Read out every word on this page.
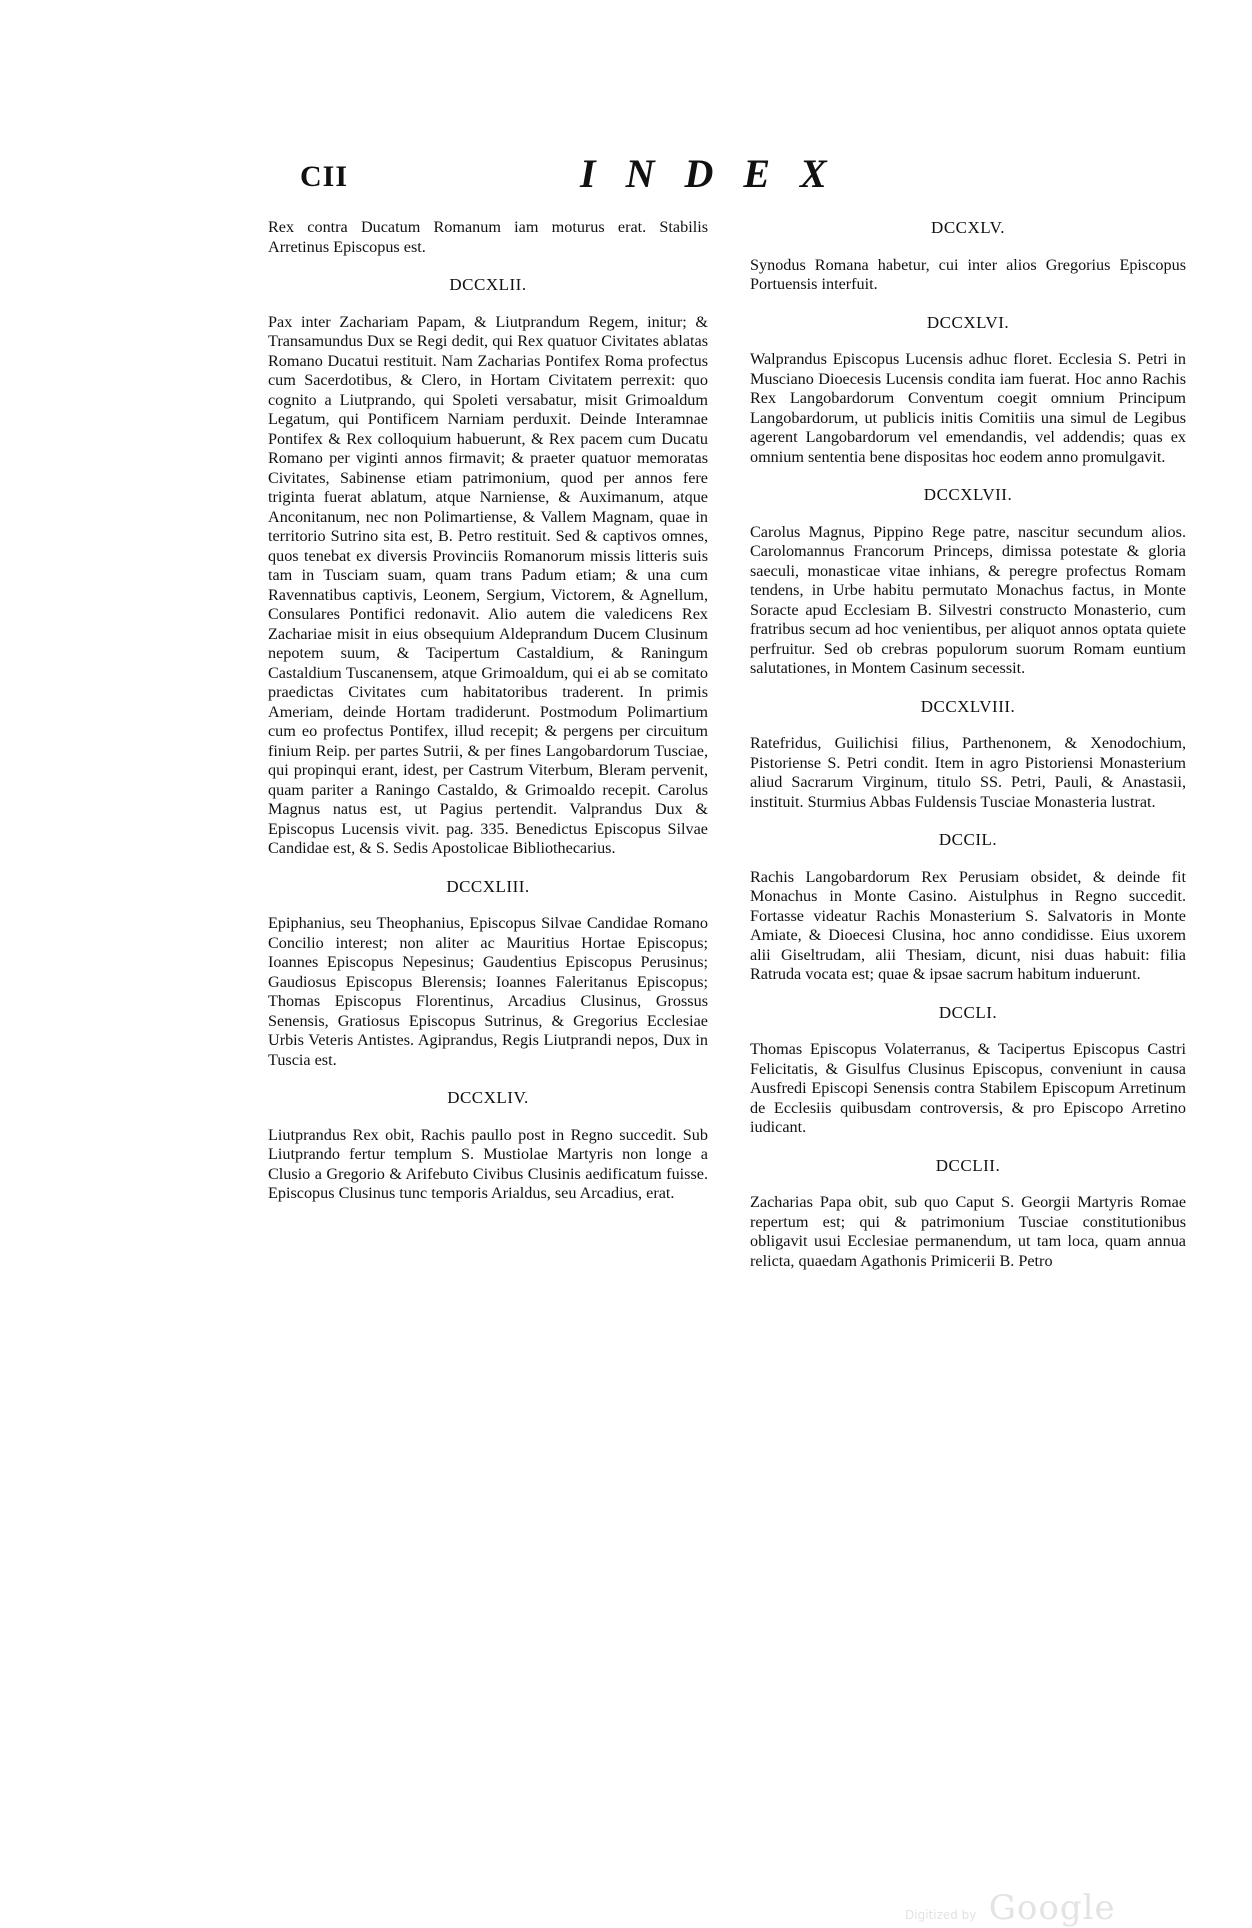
CII	INDEX
Rex contra Ducatum Romanum iam moturus erat. Stabilis Arretinus Episcopus est.
DCCXLII.
Pax inter Zachariam Papam, & Liutprandum Regem, initur; & Transamundus Dux se Regi dedit, qui Rex quatuor Civitates ablatas Romano Ducatui restituit. Nam Zacharias Pontifex Roma profectus cum Sacerdotibus, & Clero, in Hortam Civitatem perrexit: quo cognito a Liutprando, qui Spoleti versabatur, misit Grimoaldum Legatum, qui Pontificem Narniam perduxit. Deinde Interamnae Pontifex & Rex colloquium habuerunt, & Rex pacem cum Ducatu Romano per viginti annos firmavit; & praeter quatuor memoratas Civitates, Sabinense etiam patrimonium, quod per annos fere triginta fuerat ablatum, atque Narniense, & Auximanum, atque Anconitanum, nec non Polimartiense, & Vallem Magnam, quae in territorio Sutrino sita est, B. Petro restituit. Sed & captivos omnes, quos tenebat ex diversis Provinciis Romanorum missis litteris suis tam in Tusciam suam, quam trans Padum etiam; & una cum Ravennatibus captivis, Leonem, Sergium, Victorem, & Agnellum, Consulares Pontifici redonavit. Alio autem die valedicens Rex Zachariae misit in eius obsequium Aldeprandum Ducem Clusinum nepotem suum, & Tacipertum Castaldium, & Raningum Castaldium Tuscanensem, atque Grimoaldum, qui ei ab se comitato praedictas Civitates cum habitatoribus traderent. In primis Ameriam, deinde Hortam tradiderunt. Postmodum Polimartium cum eo profectus Pontifex, illud recepit; & pergens per circuitum finium Reip. per partes Sutrii, & per fines Langobardorum Tusciae, qui propinqui erant, idest, per Castrum Viterbum, Bleram pervenit, quam pariter a Raningo Castaldo, & Grimoaldo recepit. Carolus Magnus natus est, ut Pagius pertendit. Valprandus Dux & Episcopus Lucensis vivit. pag. 335. Benedictus Episcopus Silvae Candidae est, & S. Sedis Apostolicae Bibliothecarius.
DCCXLIII.
Epiphanius, seu Theophanius, Episcopus Silvae Candidae Romano Concilio interest; non aliter ac Mauritius Hortae Episcopus; Ioannes Episcopus Nepesinus; Gaudentius Episcopus Perusinus; Gaudiosus Episcopus Blerensis; Ioannes Faleritanus Episcopus; Thomas Episcopus Florentinus, Arcadius Clusinus, Grossus Senensis, Gratiosus Episcopus Sutrinus, & Gregorius Ecclesiae Urbis Veteris Antistes. Agiprandus, Regis Liutprandi nepos, Dux in Tuscia est.
DCCXLIV.
Liutprandus Rex obit, Rachis paullo post in Regno succedit. Sub Liutprando fertur templum S. Mustiolae Martyris non longe a Clusio a Gregorio & Arifebuto Civibus Clusinis aedificatum fuisse. Episcopus Clusinus tunc temporis Arialdus, seu Arcadius, erat.
DCCXLV.
Synodus Romana habetur, cui inter alios Gregorius Episcopus Portuensis interfuit.
DCCXLVI.
Walprandus Episcopus Lucensis adhuc floret. Ecclesia S. Petri in Musciano Dioecesis Lucensis condita iam fuerat. Hoc anno Rachis Rex Langobardorum Conventum coegit omnium Principum Langobardorum, ut publicis initis Comitiis una simul de Legibus agerent Langobardorum vel emendandis, vel addendis; quas ex omnium sententia bene dispositas hoc eodem anno promulgavit.
DCCXLVII.
Carolus Magnus, Pippino Rege patre, nascitur secundum alios. Carolomannus Francorum Princeps, dimissa potestate & gloria saeculi, monasticae vitae inhians, & peregre profectus Romam tendens, in Urbe habitu permutato Monachus factus, in Monte Soracte apud Ecclesiam B. Silvestri constructo Monasterio, cum fratribus secum ad hoc venientibus, per aliquot annos optata quiete perfruitur. Sed ob crebras populorum suorum Romam euntium salutationes, in Montem Casinum secessit.
DCCXLVIII.
Ratefridus, Guilichisi filius, Parthenonem, & Xenodochium, Pistoriense S. Petri condit. Item in agro Pistoriensi Monasterium aliud Sacrarum Virginum, titulo SS. Petri, Pauli, & Anastasii, instituit. Sturmius Abbas Fuldensis Tusciae Monasteria lustrat.
DCCIL.
Rachis Langobardorum Rex Perusiam obsidet, & deinde fit Monachus in Monte Casino. Aistulphus in Regno succedit. Fortasse videatur Rachis Monasterium S. Salvatoris in Monte Amiate, & Dioecesi Clusina, hoc anno condidisse. Eius uxorem alii Giseltrudam, alii Thesiam, dicunt, nisi duas habuit: filia Ratruda vocata est; quae & ipsae sacrum habitum induerunt.
DCCLI.
Thomas Episcopus Volaterranus, & Tacipertus Episcopus Castri Felicitatis, & Gisulfus Clusinus Episcopus, conveniunt in causa Ausfredi Episcopi Senensis contra Stabilem Episcopum Arretinum de Ecclesiis quibusdam controversis, & pro Episcopo Arretino iudicant.
DCCLII.
Zacharias Papa obit, sub quo Caput S. Georgii Martyris Romae repertum est; qui & patrimonium Tusciae constitutionibus obligavit usui Ecclesiae permanendum, ut tam loca, quam annua relicta, quaedam Agathonis Primicerii B. Petro
Digitized by Google
